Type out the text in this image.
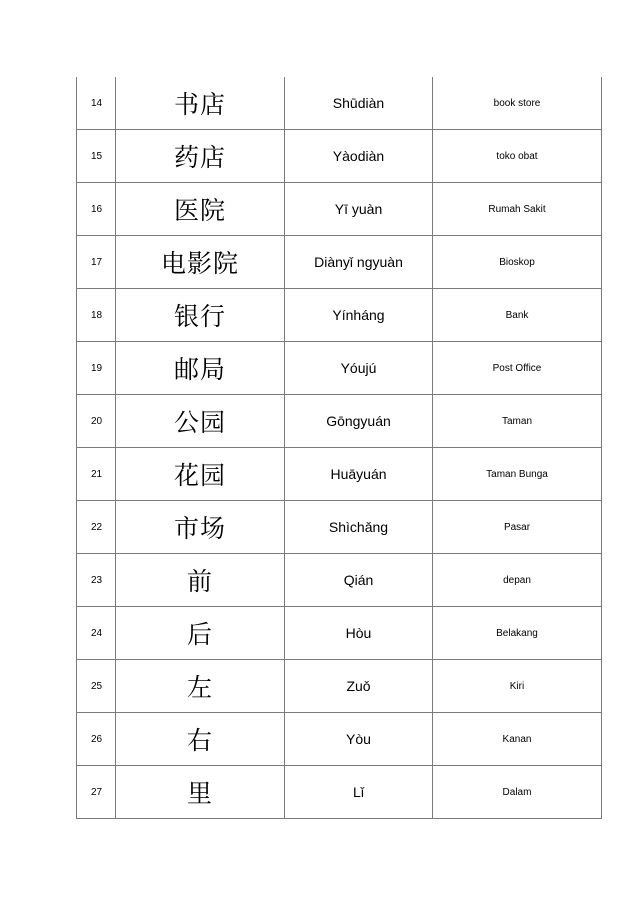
14	书店	Shūdiàn	book store
15	药店	Yàodiàn	toko obat
16	医院	Yī yuàn	Rumah Sakit
17	电影院	Diànyǐ ngyuàn	Bioskop
18	银行	Yínháng	Bank
19	邮局	Yóujú	Post Office
20	公园	Gōngyuán	Taman
21	花园	Huāyuán	Taman Bunga
22	市场	Shìchǎng	Pasar
23	前	Qián	depan
24	后	Hòu	Belakang
25	左	Zuǒ	Kiri
26	右	Yòu	Kanan
27	里	Lǐ	Dalam
